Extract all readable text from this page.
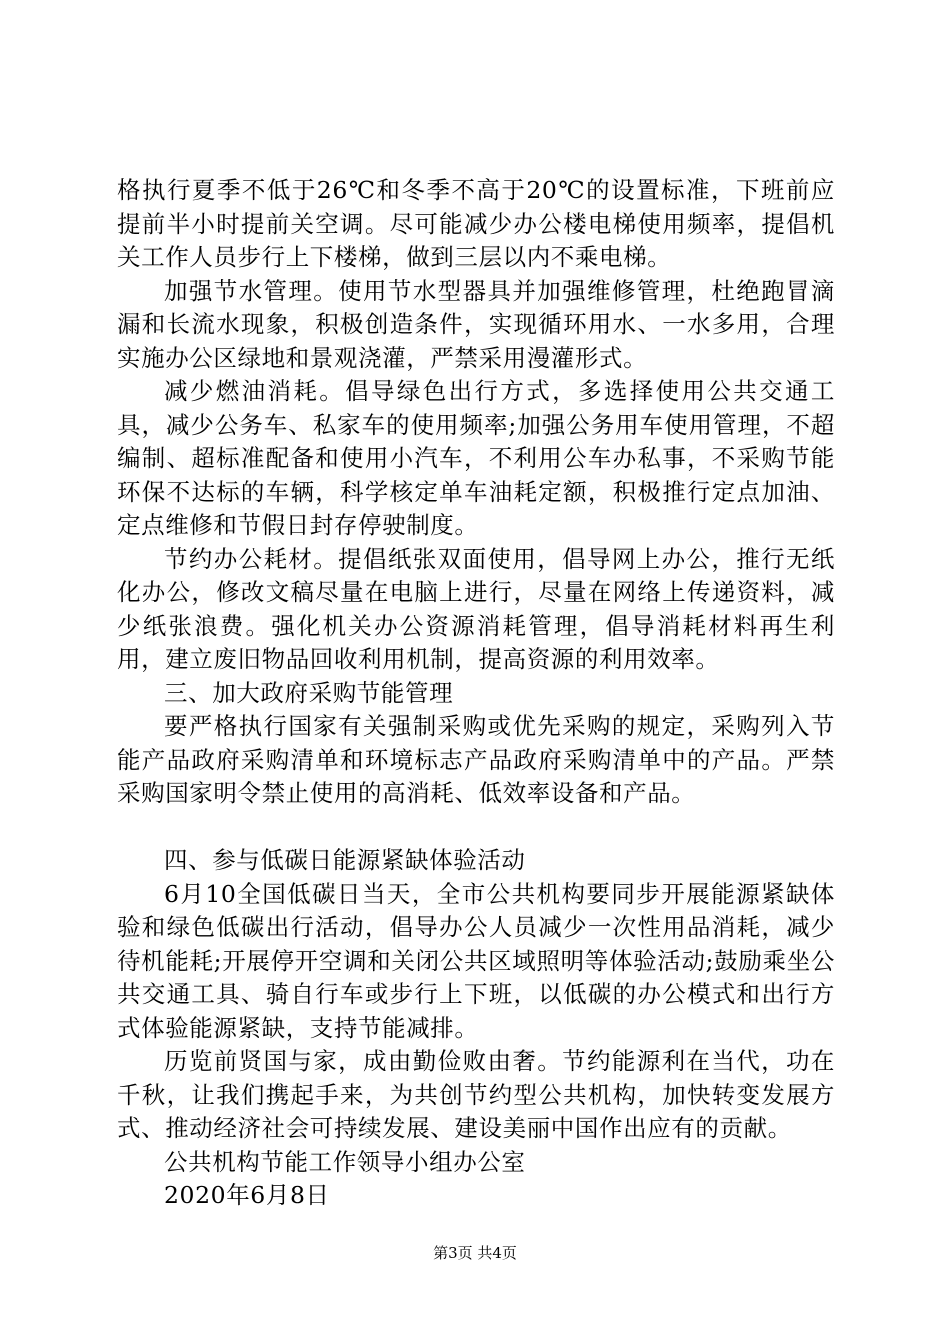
格执行夏季不低于26℃和冬季不高于20℃的设置标准，下班前应提前半小时提前关空调。尽可能减少办公楼电梯使用频率，提倡机关工作人员步行上下楼梯，做到三层以内不乘电梯。

加强节水管理。使用节水型器具并加强维修管理，杜绝跑冒滴漏和长流水现象，积极创造条件，实现循环用水、一水多用，合理实施办公区绿地和景观浇灌，严禁采用漫灌形式。

减少燃油消耗。倡导绿色出行方式，多选择使用公共交通工具，减少公务车、私家车的使用频率;加强公务用车使用管理，不超编制、超标准配备和使用小汽车，不利用公车办私事，不采购节能环保不达标的车辆，科学核定单车油耗定额，积极推行定点加油、定点维修和节假日封存停驶制度。

节约办公耗材。提倡纸张双面使用，倡导网上办公，推行无纸化办公，修改文稿尽量在电脑上进行，尽量在网络上传递资料，减少纸张浪费。强化机关办公资源消耗管理，倡导消耗材料再生利用，建立废旧物品回收利用机制，提高资源的利用效率。

三、加大政府采购节能管理

要严格执行国家有关强制采购或优先采购的规定，采购列入节能产品政府采购清单和环境标志产品政府采购清单中的产品。严禁采购国家明令禁止使用的高消耗、低效率设备和产品。

四、参与低碳日能源紧缺体验活动

6月10全国低碳日当天，全市公共机构要同步开展能源紧缺体验和绿色低碳出行活动，倡导办公人员减少一次性用品消耗，减少待机能耗;开展停开空调和关闭公共区域照明等体验活动;鼓励乘坐公共交通工具、骑自行车或步行上下班，以低碳的办公模式和出行方式体验能源紧缺，支持节能减排。

历览前贤国与家，成由勤俭败由奢。节约能源利在当代，功在千秋，让我们携起手来，为共创节约型公共机构，加快转变发展方式、推动经济社会可持续发展、建设美丽中国作出应有的贡献。

公共机构节能工作领导小组办公室

2020年6月8日

第3页 共4页
